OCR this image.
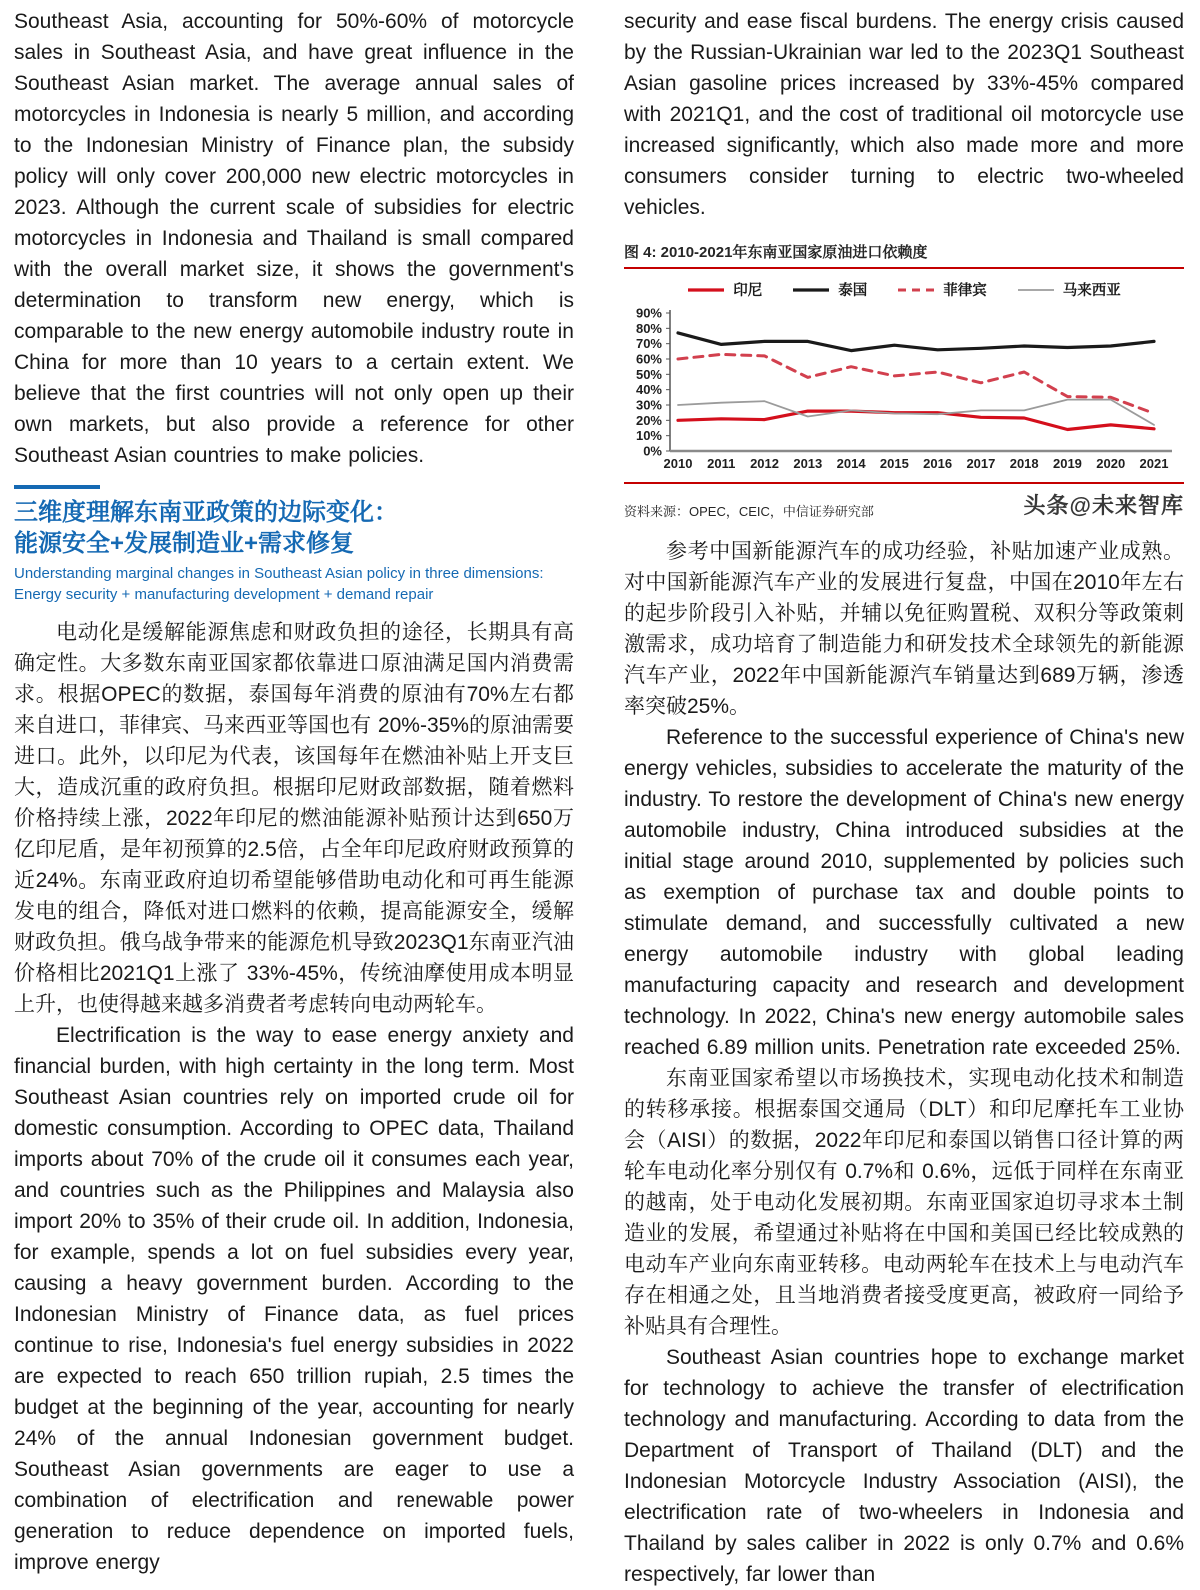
Southeast Asia, accounting for 50%-60% of motorcycle sales in Southeast Asia, and have great influence in the Southeast Asian market. The average annual sales of motorcycles in Indonesia is nearly 5 million, and according to the Indonesian Ministry of Finance plan, the subsidy policy will only cover 200,000 new electric motorcycles in 2023. Although the current scale of subsidies for electric motorcycles in Indonesia and Thailand is small compared with the overall market size, it shows the government's determination to transform new energy, which is comparable to the new energy automobile industry route in China for more than 10 years to a certain extent. We believe that the first countries will not only open up their own markets, but also provide a reference for other Southeast Asian countries to make policies.

三维度理解东南亚政策的边际变化：
能源安全+发展制造业+需求修复
Understanding marginal changes in Southeast Asian policy in three dimensions:
Energy security + manufacturing development + demand repair

电动化是缓解能源焦虑和财政负担的途径，长期具有高确定性。大多数东南亚国家都依靠进口原油满足国内消费需求。根据OPEC的数据，泰国每年消费的原油有70%左右都来自进口，菲律宾、马来西亚等国也有 20%-35%的原油需要进口。此外，以印尼为代表，该国每年在燃油补贴上开支巨大，造成沉重的政府负担。根据印尼财政部数据，随着燃料价格持续上涨，2022年印尼的燃油能源补贴预计达到650万亿印尼盾，是年初预算的2.5倍，占全年印尼政府财政预算的近24%。东南亚政府迫切希望能够借助电动化和可再生能源发电的组合，降低对进口燃料的依赖，提高能源安全，缓解财政负担。俄乌战争带来的能源危机导致2023Q1东南亚汽油价格相比2021Q1上涨了 33%-45%，传统油摩使用成本明显上升，也使得越来越多消费者考虑转向电动两轮车。

Electrification is the way to ease energy anxiety and financial burden, with high certainty in the long term. Most Southeast Asian countries rely on imported crude oil for domestic consumption. According to OPEC data, Thailand imports about 70% of the crude oil it consumes each year, and countries such as the Philippines and Malaysia also import 20% to 35% of their crude oil. In addition, Indonesia, for example, spends a lot on fuel subsidies every year, causing a heavy government burden. According to the Indonesian Ministry of Finance data, as fuel prices continue to rise, Indonesia's fuel energy subsidies in 2022 are expected to reach 650 trillion rupiah, 2.5 times the budget at the beginning of the year, accounting for nearly 24% of the annual Indonesian government budget. Southeast Asian governments are eager to use a combination of electrification and renewable power generation to reduce dependence on imported fuels, improve energy

security and ease fiscal burdens. The energy crisis caused by the Russian-Ukrainian war led to the 2023Q1 Southeast Asian gasoline prices increased by 33%-45% compared with 2021Q1, and the cost of traditional oil motorcycle use increased significantly, which also made more and more consumers consider turning to electric two-wheeled vehicles.

图 4: 2010-2021年东南亚国家原油进口依赖度
印尼	泰国	菲律宾	马来西亚
0%
10%
20%
30%
40%
50%
60%
70%
80%
90%
2010 2011 2012 2013 2014 2015 2016 2017 2018 2019 2020 2021
资料来源：OPEC，CEIC，中信证券研究部	头条@未来智库

参考中国新能源汽车的成功经验，补贴加速产业成熟。对中国新能源汽车产业的发展进行复盘，中国在2010年左右的起步阶段引入补贴，并辅以免征购置税、双积分等政策刺激需求，成功培育了制造能力和研发技术全球领先的新能源汽车产业，2022年中国新能源汽车销量达到689万辆，渗透率突破25%。

Reference to the successful experience of China's new energy vehicles, subsidies to accelerate the maturity of the industry. To restore the development of China's new energy automobile industry, China introduced subsidies at the initial stage around 2010, supplemented by policies such as exemption of purchase tax and double points to stimulate demand, and successfully cultivated a new energy automobile industry with global leading manufacturing capacity and research and development technology. In 2022, China's new energy automobile sales reached 6.89 million units. Penetration rate exceeded 25%.

东南亚国家希望以市场换技术，实现电动化技术和制造的转移承接。根据泰国交通局（DLT）和印尼摩托车工业协会（AISI）的数据，2022年印尼和泰国以销售口径计算的两轮车电动化率分别仅有 0.7%和 0.6%，远低于同样在东南亚的越南，处于电动化发展初期。东南亚国家迫切寻求本土制造业的发展，希望通过补贴将在中国和美国已经比较成熟的电动车产业向东南亚转移。电动两轮车在技术上与电动汽车存在相通之处，且当地消费者接受度更高，被政府一同给予补贴具有合理性。

Southeast Asian countries hope to exchange market for technology to achieve the transfer of electrification technology and manufacturing. According to data from the Department of Transport of Thailand (DLT) and the Indonesian Motorcycle Industry Association (AISI), the electrification rate of two-wheelers in Indonesia and Thailand by sales caliber in 2022 is only 0.7% and 0.6% respectively, far lower than
